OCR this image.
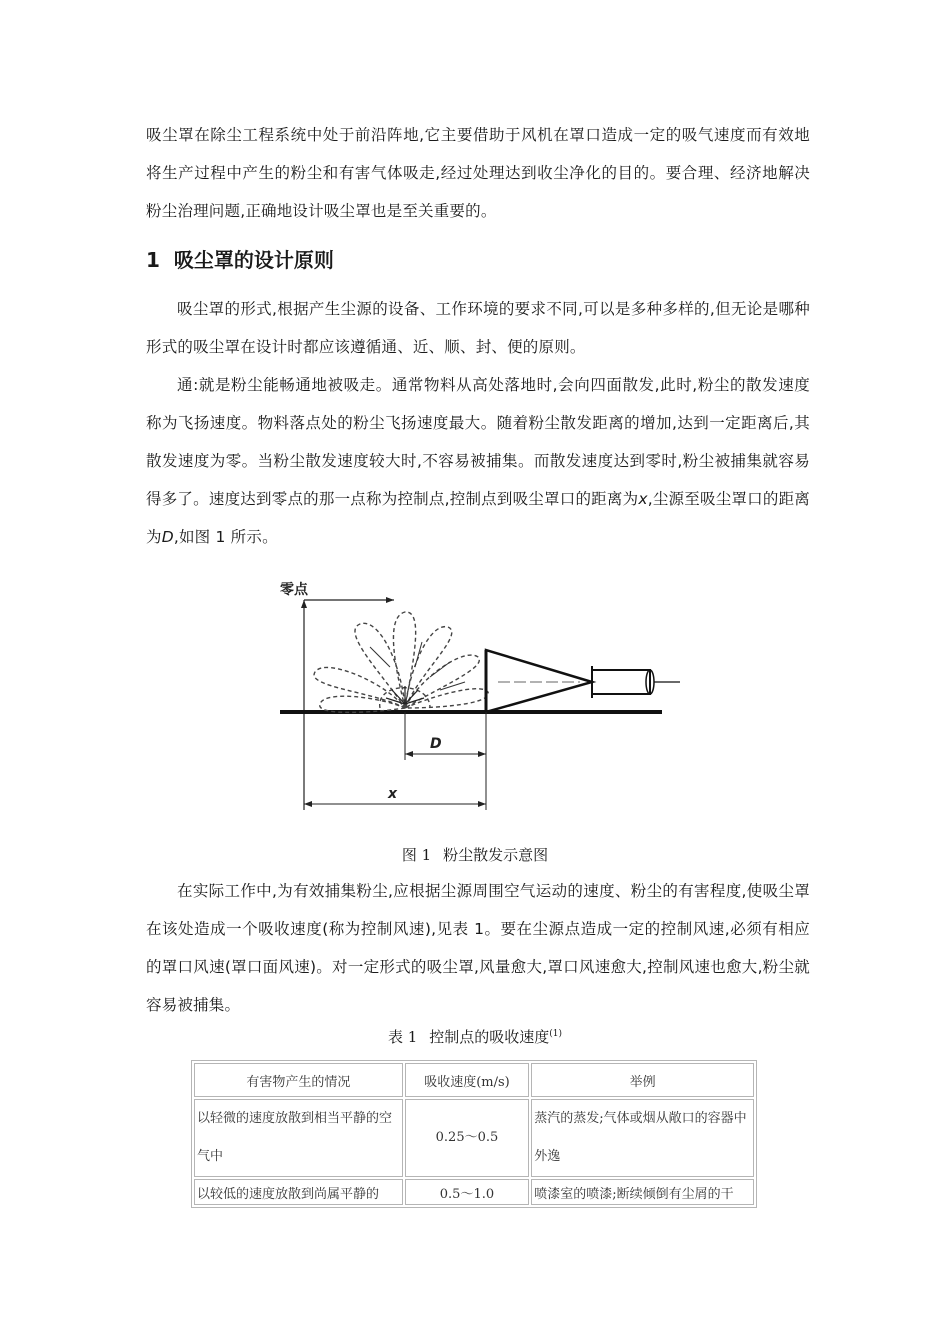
吸尘罩在除尘工程系统中处于前沿阵地,它主要借助于风机在罩口造成一定的吸气速度而有效地将生产过程中产生的粉尘和有害气体吸走,经过处理达到收尘净化的目的。要合理、经济地解决粉尘治理问题,正确地设计吸尘罩也是至关重要的。

1 吸尘罩的设计原则

吸尘罩的形式,根据产生尘源的设备、工作环境的要求不同,可以是多种多样的,但无论是哪种形式的吸尘罩在设计时都应该遵循通、近、顺、封、便的原则。

通:就是粉尘能畅通地被吸走。通常物料从高处落地时,会向四面散发,此时,粉尘的散发速度称为飞扬速度。物料落点处的粉尘飞扬速度最大。随着粉尘散发距离的增加,达到一定距离后,其散发速度为零。当粉尘散发速度较大时,不容易被捕集。而散发速度达到零时,粉尘被捕集就容易得多了。速度达到零点的那一点称为控制点,控制点到吸尘罩口的距离为x,尘源至吸尘罩口的距离为D,如图 1 所示。

零点
D
x

图 1 粉尘散发示意图

在实际工作中,为有效捕集粉尘,应根据尘源周围空气运动的速度、粉尘的有害程度,使吸尘罩在该处造成一个吸收速度(称为控制风速),见表 1。要在尘源点造成一定的控制风速,必须有相应的罩口风速(罩口面风速)。对一定形式的吸尘罩,风量愈大,罩口风速愈大,控制风速也愈大,粉尘就容易被捕集。

表 1 控制点的吸收速度$^{(1)}$

有害物产生的情况	吸收速度(m/s)	举例
以轻微的速度放散到相当平静的空气中	0.25～0.5	蒸汽的蒸发;气体或烟从敞口的容器中外逸
以较低的速度放散到尚属平静的	0.5～1.0	喷漆室的喷漆;断续倾倒有尘屑的干
